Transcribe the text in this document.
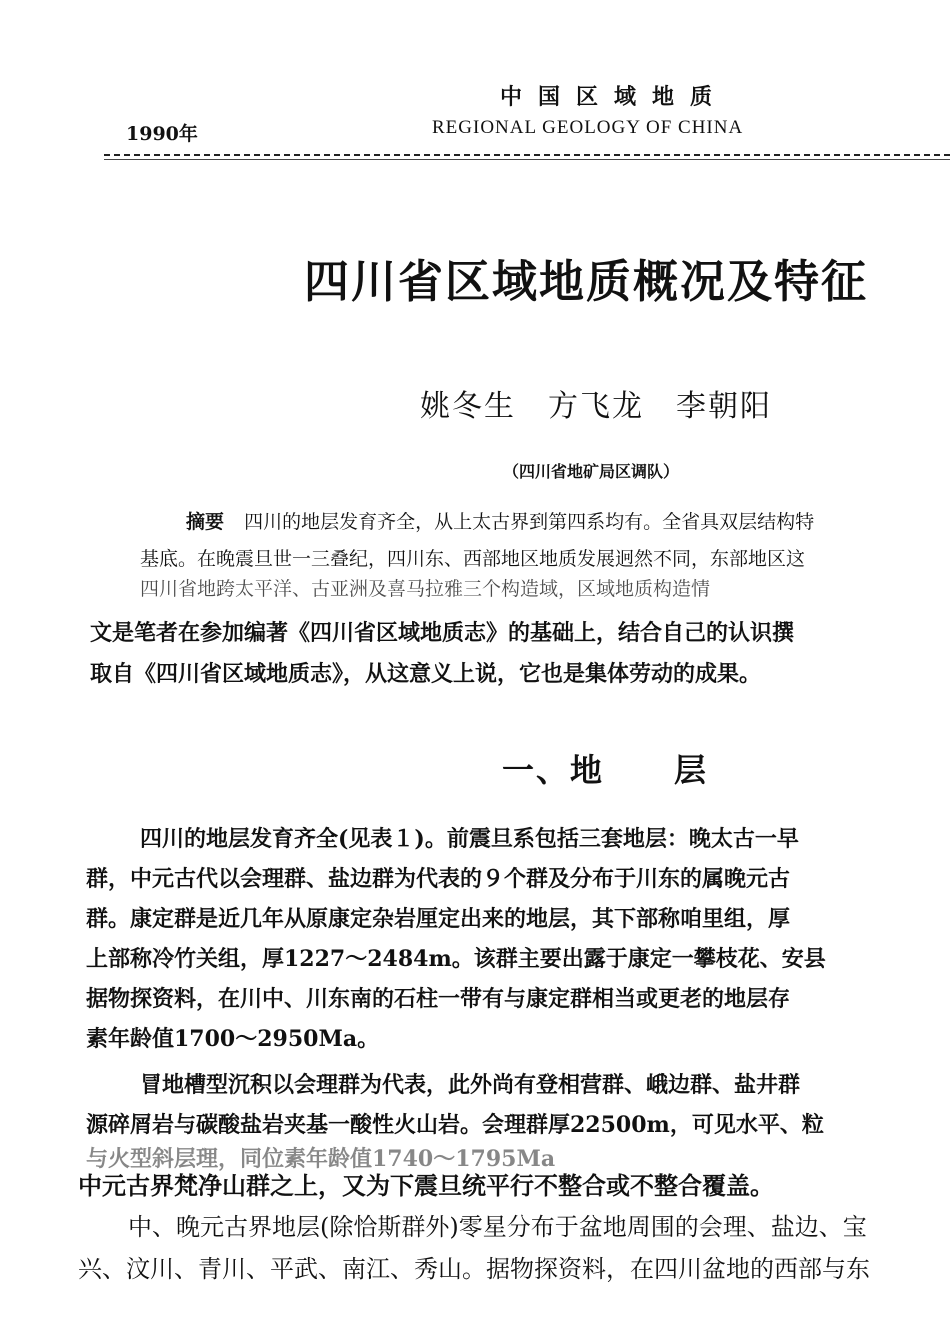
中国区域地质
REGIONAL GEOLOGY OF CHINA
1990年
四川省区域地质概况及特征
姚冬生　方飞龙　李朝阳
（四川省地矿局区调队）
摘要 四川的地层发育齐全，从上太古界到第四系均有。全省具双层结构特
基底。在晚震旦世一三叠纪，四川东、西部地区地质发展迥然不同，东部地区这
四川省地跨太平洋、古亚洲及喜马拉雅三个构造域，区域地质构造情
文是笔者在参加编著《四川省区域地质志》的基础上，结合自己的认识撰
取自《四川省区域地质志》，从这意义上说，它也是集体劳动的成果。
一、地 层
四川的地层发育齐全(见表１)。前震旦系包括三套地层：晚太古一早
群，中元古代以会理群、盐边群为代表的９个群及分布于川东的属晚元古
群。康定群是近几年从原康定杂岩厘定出来的地层，其下部称咱里组，厚
上部称冷竹关组，厚1227～2484m。该群主要出露于康定一攀枝花、安县
据物探资料，在川中、川东南的石柱一带有与康定群相当或更老的地层存
素年龄值1700～2950Ma。
冒地槽型沉积以会理群为代表，此外尚有登相营群、峨边群、盐井群
源碎屑岩与碳酸盐岩夹基一酸性火山岩。会理群厚22500m，可见水平、粒
与火型斜层理，同位素年龄值1740～1795Ma
中元古界梵净山群之上，又为下震旦统平行不整合或不整合覆盖。
中、晚元古界地层(除恰斯群外)零星分布于盆地周围的会理、盐边、宝
兴、汶川、青川、平武、南江、秀山。据物探资料，在四川盆地的西部与东
